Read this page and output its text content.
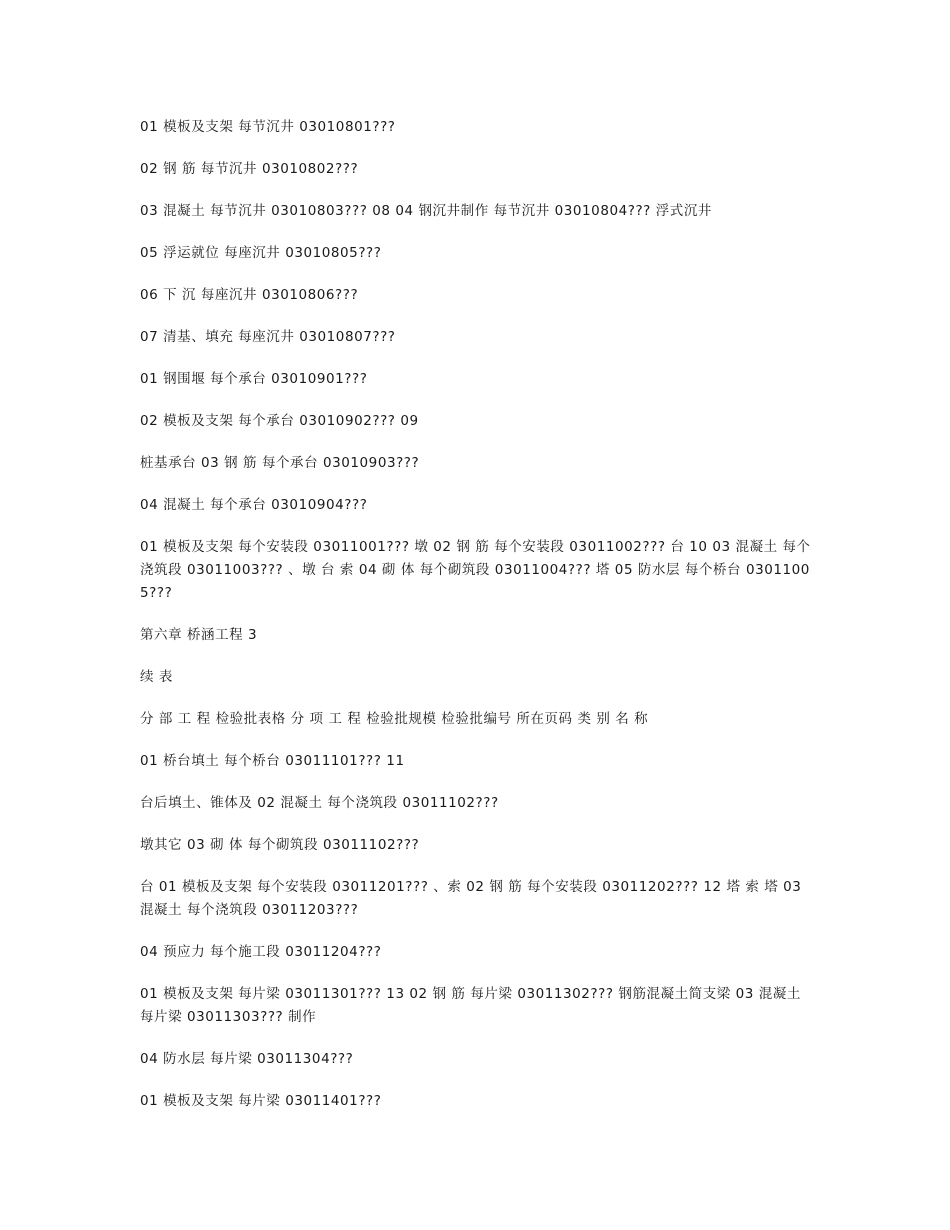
01 模板及支架 每节沉井 03010801???

02 钢 筋 每节沉井 03010802???

03 混凝土 每节沉井 03010803??? 08 04 钢沉井制作 每节沉井 03010804??? 浮式沉井

05 浮运就位 每座沉井 03010805???

06 下 沉 每座沉井 03010806???

07 清基、填充 每座沉井 03010807???

01 钢围堰 每个承台 03010901???

02 模板及支架 每个承台 03010902??? 09

桩基承台 03 钢 筋 每个承台 03010903???

04 混凝土 每个承台 03010904???

01 模板及支架 每个安装段 03011001??? 墩 02 钢 筋 每个安装段 03011002??? 台 10 03 混凝土 每个浇筑段 03011003??? 、墩 台 索 04 砌 体 每个砌筑段 03011004??? 塔 05 防水层 每个桥台 03011005???

第六章 桥涵工程 3

续 表

分 部 工 程 检验批表格 分 项 工 程 检验批规模 检验批编号 所在页码 类 别 名 称

01 桥台填土 每个桥台 03011101??? 11

台后填土、锥体及 02 混凝土 每个浇筑段 03011102???

墩其它 03 砌 体 每个砌筑段 03011102???

台 01 模板及支架 每个安装段 03011201??? 、索 02 钢 筋 每个安装段 03011202??? 12 塔 索 塔 03 混凝土 每个浇筑段 03011203???

04 预应力 每个施工段 03011204???

01 模板及支架 每片梁 03011301??? 13 02 钢 筋 每片梁 03011302??? 钢筋混凝土简支梁 03 混凝土 每片梁 03011303??? 制作

04 防水层 每片梁 03011304???

01 模板及支架 每片梁 03011401???
